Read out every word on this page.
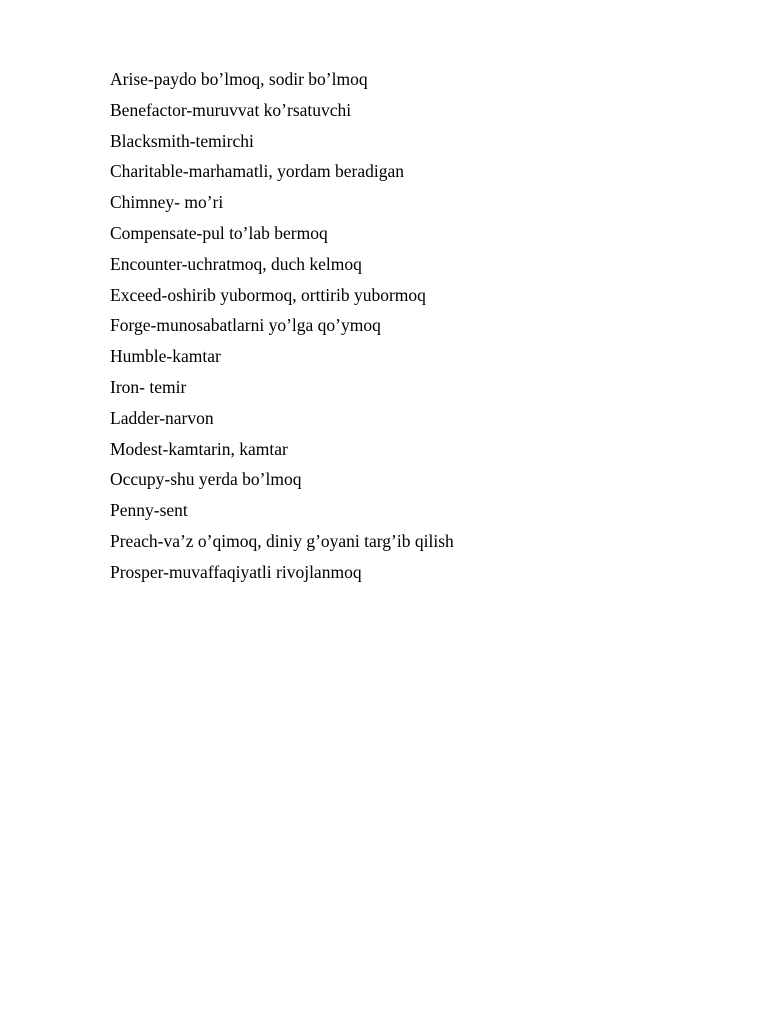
Arise-paydo bo’lmoq, sodir bo’lmoq
Benefactor-muruvvat ko’rsatuvchi
Blacksmith-temirchi
Charitable-marhamatli, yordam beradigan
Chimney- mo’ri
Compensate-pul to’lab bermoq
Encounter-uchratmoq, duch kelmoq
Exceed-oshirib yubormoq, orttirib yubormoq
Forge-munosabatlarni yo’lga qo’ymoq
Humble-kamtar
Iron- temir
Ladder-narvon
Modest-kamtarin, kamtar
Occupy-shu yerda bo’lmoq
Penny-sent
Preach-va’z o’qimoq, diniy g’oyani targ’ib qilish
Prosper-muvaffaqiyatli rivojlanmoq
